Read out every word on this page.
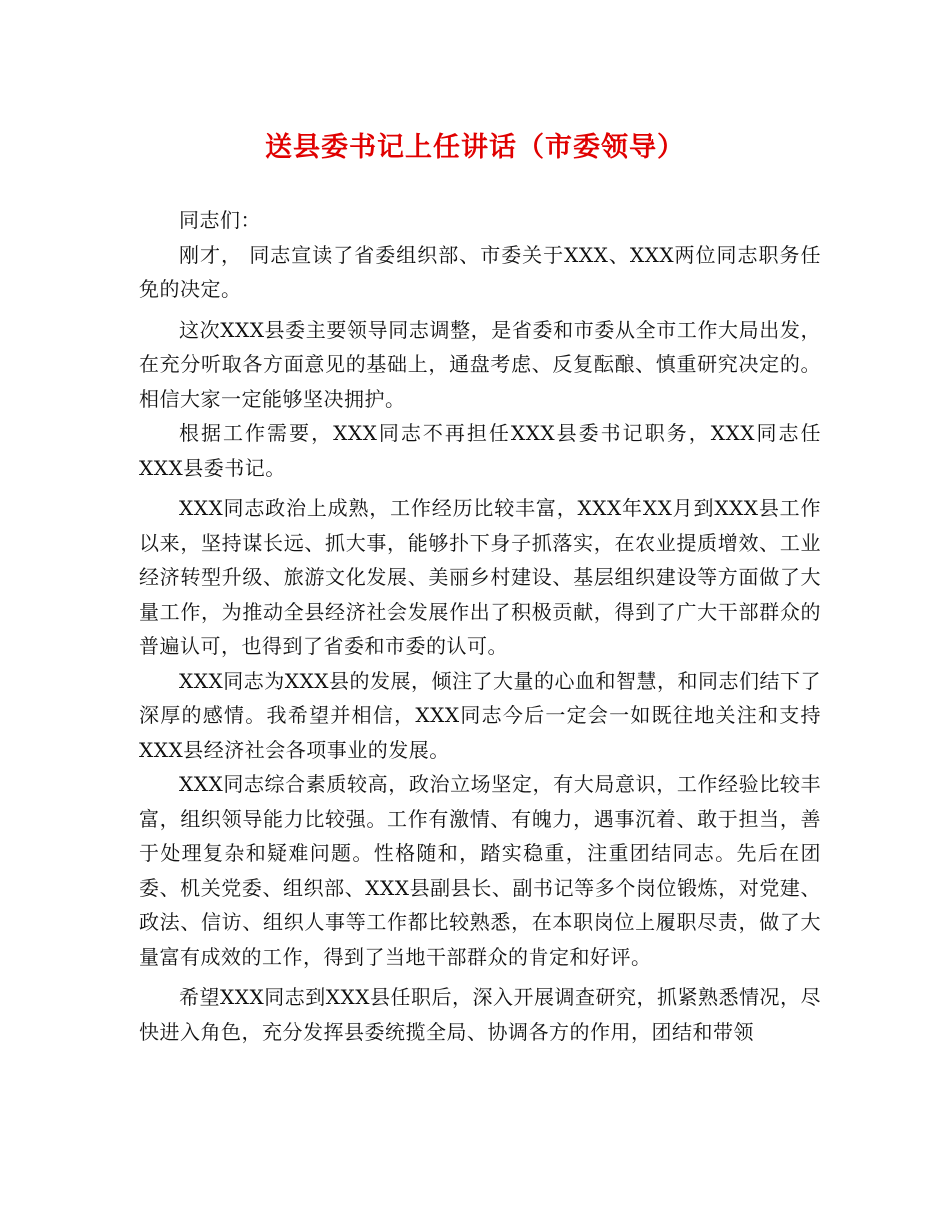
送县委书记上任讲话（市委领导）

同志们：

刚才， 同志宣读了省委组织部、市委关于XXX、XXX两位同志职务任免的决定。

这次XXX县委主要领导同志调整，是省委和市委从全市工作大局出发，在充分听取各方面意见的基础上，通盘考虑、反复酝酿、慎重研究决定的。相信大家一定能够坚决拥护。

根据工作需要，XXX同志不再担任XXX县委书记职务，XXX同志任XXX县委书记。

XXX同志政治上成熟，工作经历比较丰富，XXX年XX月到XXX县工作以来，坚持谋长远、抓大事，能够扑下身子抓落实，在农业提质增效、工业经济转型升级、旅游文化发展、美丽乡村建设、基层组织建设等方面做了大量工作，为推动全县经济社会发展作出了积极贡献，得到了广大干部群众的普遍认可，也得到了省委和市委的认可。

XXX同志为XXX县的发展，倾注了大量的心血和智慧，和同志们结下了深厚的感情。我希望并相信，XXX同志今后一定会一如既往地关注和支持XXX县经济社会各项事业的发展。

XXX同志综合素质较高，政治立场坚定，有大局意识，工作经验比较丰富，组织领导能力比较强。工作有激情、有魄力，遇事沉着、敢于担当，善于处理复杂和疑难问题。性格随和，踏实稳重，注重团结同志。先后在团委、机关党委、组织部、XXX县副县长、副书记等多个岗位锻炼，对党建、政法、信访、组织人事等工作都比较熟悉，在本职岗位上履职尽责，做了大量富有成效的工作，得到了当地干部群众的肯定和好评。

希望XXX同志到XXX县任职后，深入开展调查研究，抓紧熟悉情况，尽快进入角色，充分发挥县委统揽全局、协调各方的作用，团结和带领
